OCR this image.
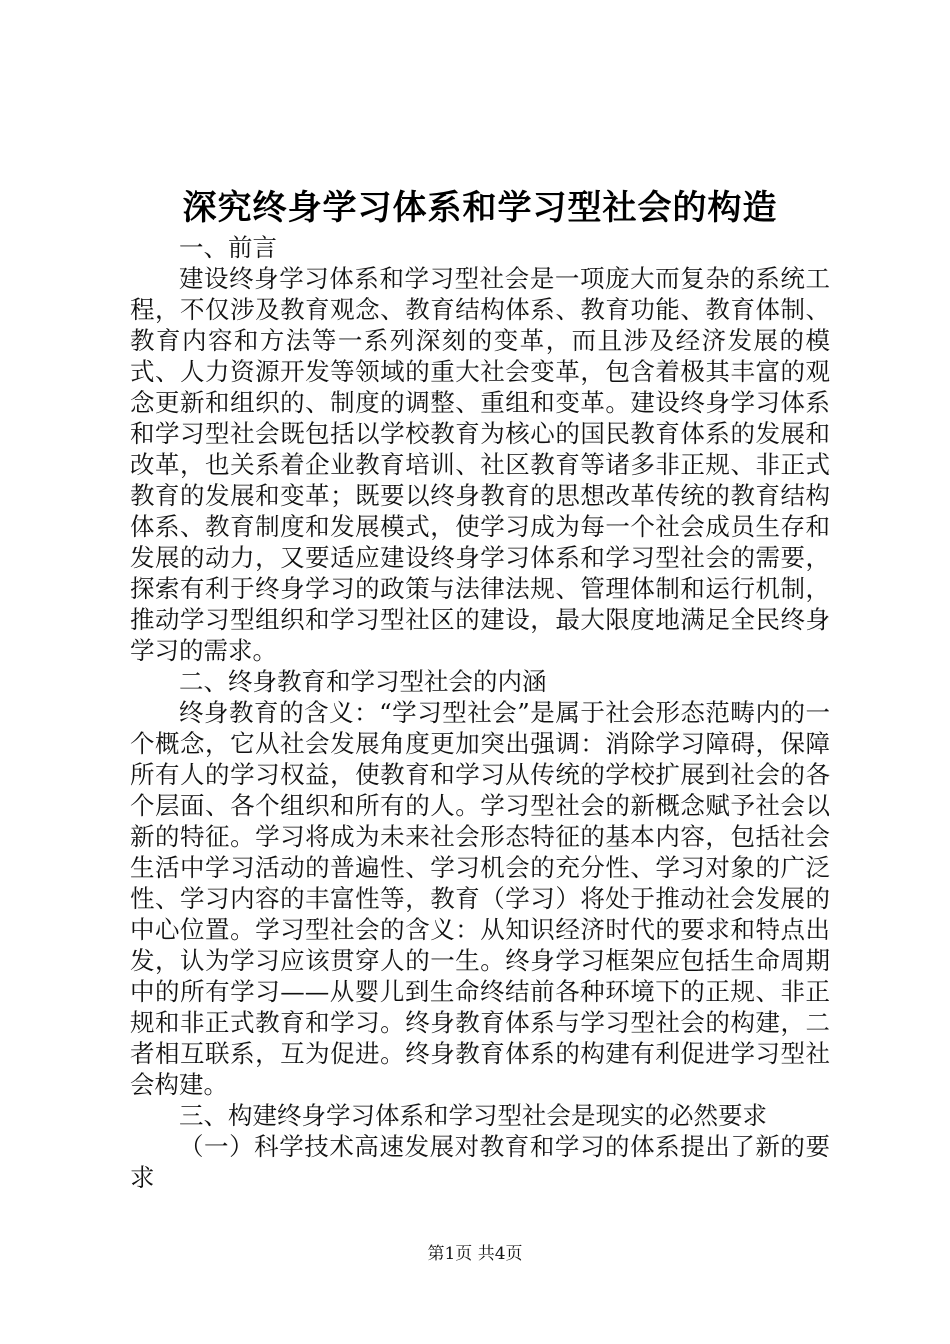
深究终身学习体系和学习型社会的构造

一、前言

建设终身学习体系和学习型社会是一项庞大而复杂的系统工程，不仅涉及教育观念、教育结构体系、教育功能、教育体制、教育内容和方法等一系列深刻的变革，而且涉及经济发展的模式、人力资源开发等领域的重大社会变革，包含着极其丰富的观念更新和组织的、制度的调整、重组和变革。建设终身学习体系和学习型社会既包括以学校教育为核心的国民教育体系的发展和改革，也关系着企业教育培训、社区教育等诸多非正规、非正式教育的发展和变革；既要以终身教育的思想改革传统的教育结构体系、教育制度和发展模式，使学习成为每一个社会成员生存和发展的动力，又要适应建设终身学习体系和学习型社会的需要，探索有利于终身学习的政策与法律法规、管理体制和运行机制，推动学习型组织和学习型社区的建设，最大限度地满足全民终身学习的需求。

二、终身教育和学习型社会的内涵

终身教育的含义：“学习型社会”是属于社会形态范畴内的一个概念，它从社会发展角度更加突出强调：消除学习障碍，保障所有人的学习权益，使教育和学习从传统的学校扩展到社会的各个层面、各个组织和所有的人。学习型社会的新概念赋予社会以新的特征。学习将成为未来社会形态特征的基本内容，包括社会生活中学习活动的普遍性、学习机会的充分性、学习对象的广泛性、学习内容的丰富性等，教育（学习）将处于推动社会发展的中心位置。学习型社会的含义：从知识经济时代的要求和特点出发，认为学习应该贯穿人的一生。终身学习框架应包括生命周期中的所有学习——从婴儿到生命终结前各种环境下的正规、非正规和非正式教育和学习。终身教育体系与学习型社会的构建，二者相互联系，互为促进。终身教育体系的构建有利促进学习型社会构建。

三、构建终身学习体系和学习型社会是现实的必然要求

（一）科学技术高速发展对教育和学习的体系提出了新的要求

第1页 共4页
